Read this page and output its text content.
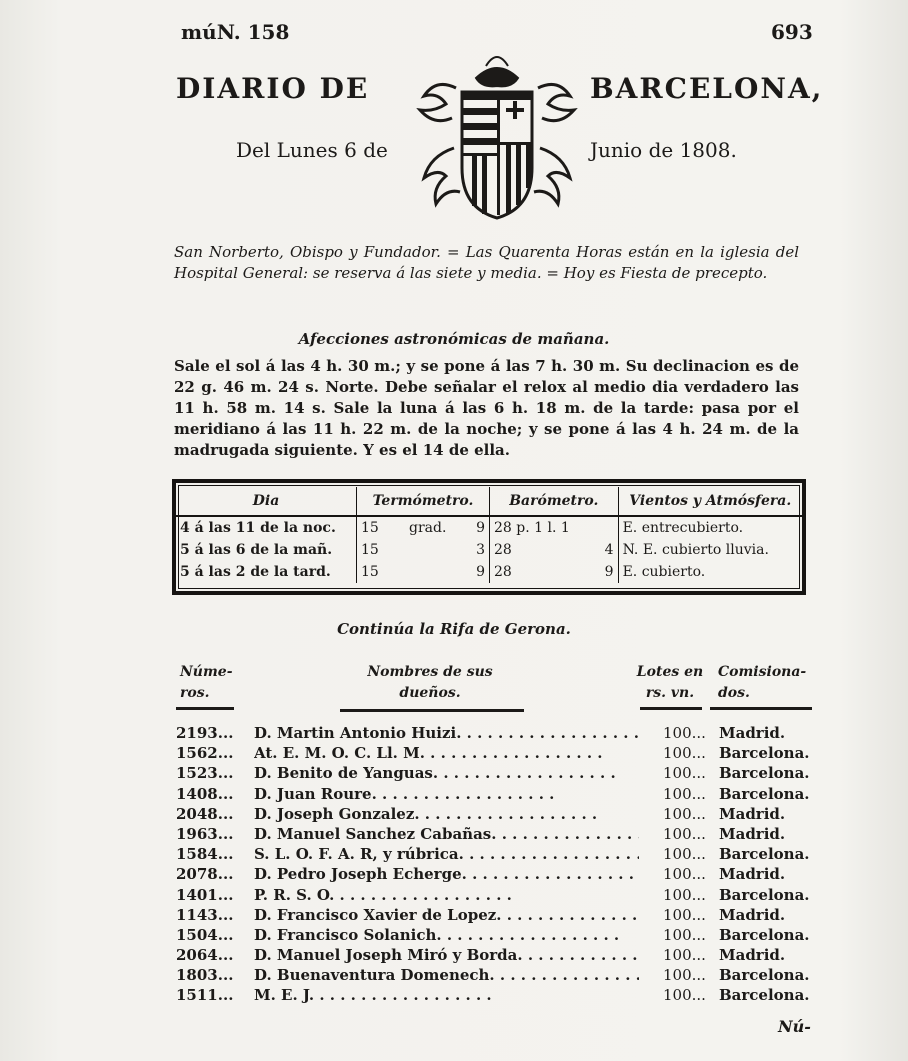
múN. 158	693
DIARIO DE	BARCELONA,
Del Lunes 6 de	Junio de 1808.
San Norberto, Obispo y Fundador. = Las Quarenta Horas están en la iglesia del Hospital General: se reserva á las siete y media. = Hoy es Fiesta de precepto.
Afecciones astronómicas de mañana.
Sale el sol á las 4 h. 30 m.; y se pone á las 7 h. 30 m. Su declinacion es de 22 g. 46 m. 24 s. Norte. Debe señalar el relox al medio dia verdadero las 11 h. 58 m. 14 s. Sale la luna á las 6 h. 18 m. de la tarde: pasa por el meridiano á las 11 h. 22 m. de la noche; y se pone á las 4 h. 24 m. de la madrugada siguiente. Y es el 14 de ella.
Dia	Termómetro.			Barómetro.		Vientos y Atmósfera.
4 á las 11 de la noc.	15	grad.	9	28 p. 1 l. 1		E. entrecubierto.
5 á las 6 de la mañ.	15		3	28	4	N. E. cubierto lluvia.
5 á las 2 de la tard.	15		9	28	9	E. cubierto.
Continúa la Rifa de Gerona.
Núme- ros.
Nombres de sus dueños.
Lotes en rs. vn.
Comisiona- dos.
2193...	D. Martin Antonio Huizi. . . .	100... Madrid.
1562...	At. E. M. O. C. Ll. M. . . .	100... Barcelona.
1523...	D. Benito de Yanguas. . . .	100... Barcelona.
1408...	D. Juan Roure. . . .	100... Barcelona.
2048...	D. Joseph Gonzalez. . . .	100... Madrid.
1963...	D. Manuel Sanchez Cabañas. . . .	100... Madrid.
1584...	S. L. O. F. A. R, y rúbrica. . . .	100... Barcelona.
2078...	D. Pedro Joseph Echerge. . . .	100... Madrid.
1401...	P. R. S. O. . . .	100... Barcelona.
1143...	D. Francisco Xavier de Lopez. . . .	100... Madrid.
1504...	D. Francisco Solanich. . . .	100... Barcelona.
2064...	D. Manuel Joseph Miró y Borda. . . .	100... Madrid.
1803...	D. Buenaventura Domenech. . . .	100... Barcelona.
1511...	M. E. J. . . .	100... Barcelona.
Nú-
